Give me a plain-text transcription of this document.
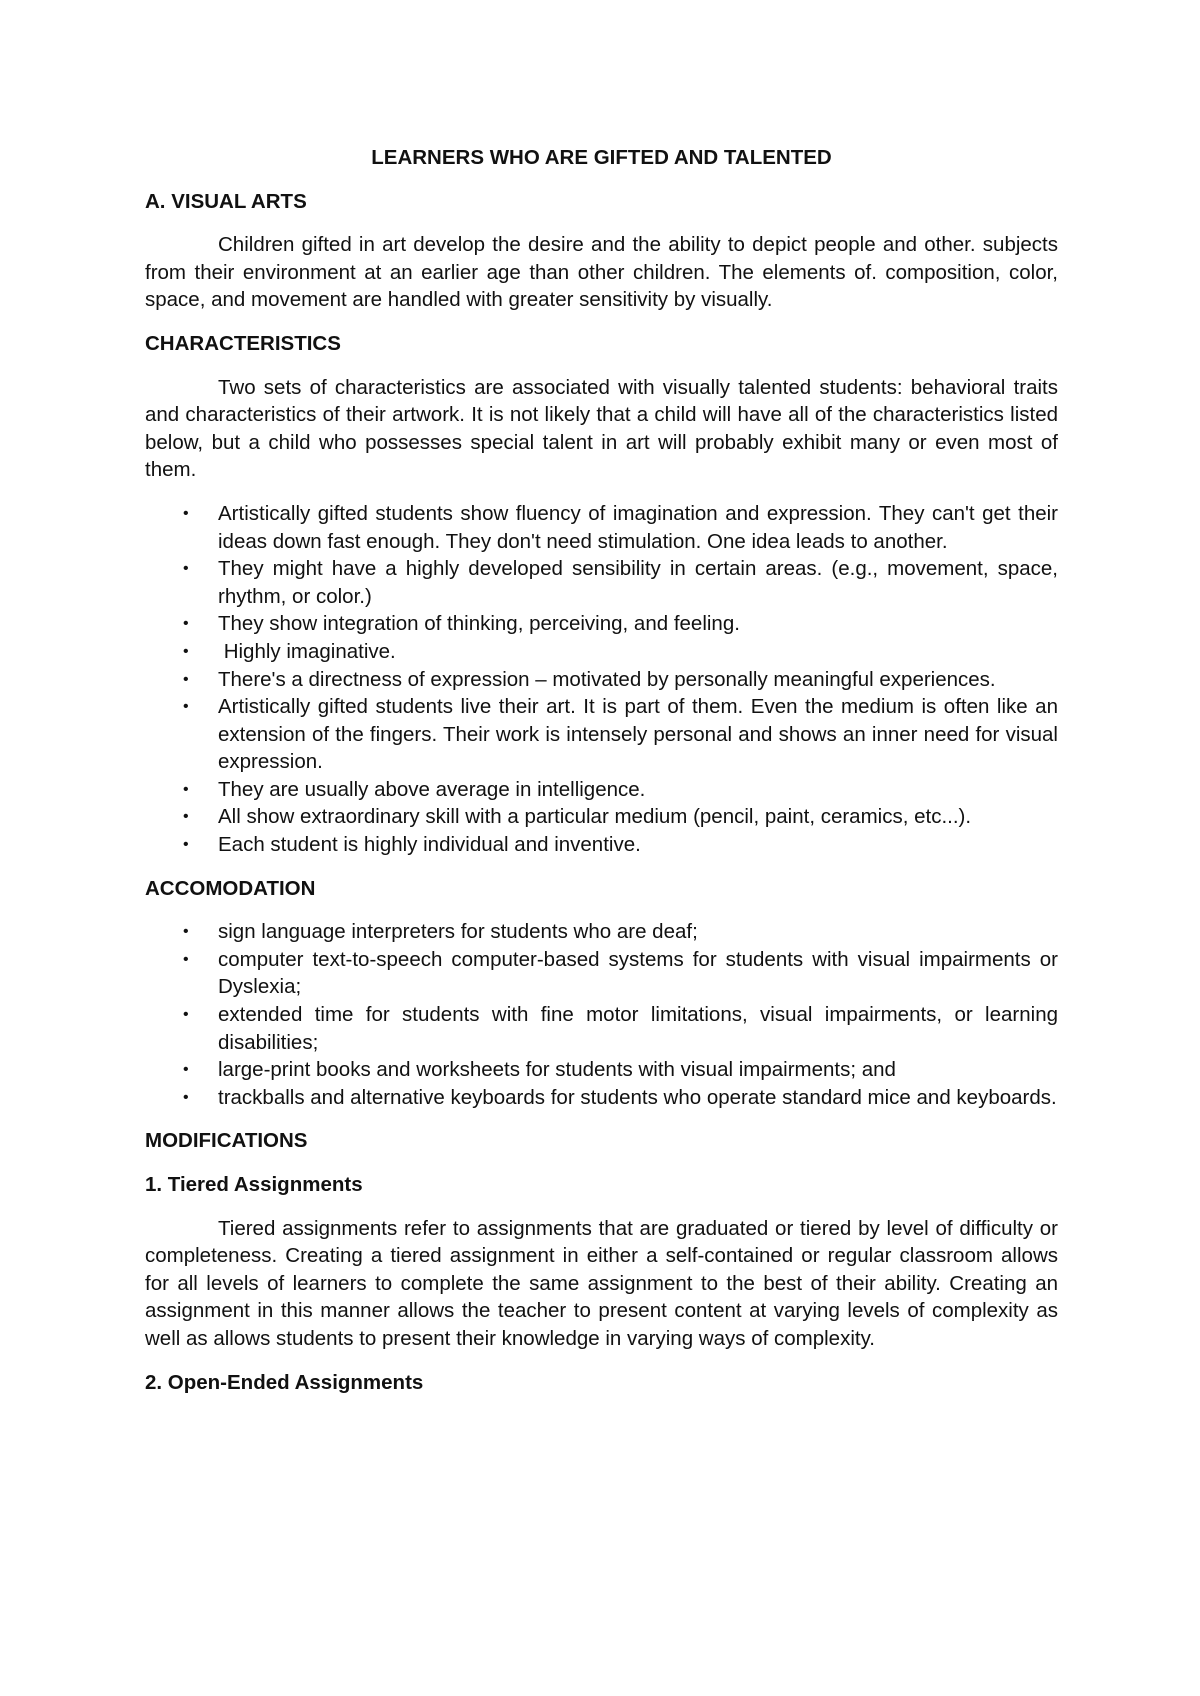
LEARNERS WHO ARE GIFTED AND TALENTED
A. VISUAL ARTS

Children gifted in art develop the desire and the ability to depict people and other. subjects from their environment at an earlier age than other children. The elements of. composition, color, space, and movement are handled with greater sensitivity by visually.

CHARACTERISTICS

Two sets of characteristics are associated with visually talented students: behavioral traits and characteristics of their artwork. It is not likely that a child will have all of the characteristics listed below, but a child who possesses special talent in art will probably exhibit many or even most of them.

• Artistically gifted students show fluency of imagination and expression. They can't get their ideas down fast enough. They don't need stimulation. One idea leads to another.
• They might have a highly developed sensibility in certain areas. (e.g., movement, space, rhythm, or color.)
• They show integration of thinking, perceiving, and feeling.
• Highly imaginative.
• There's a directness of expression – motivated by personally meaningful experiences.
• Artistically gifted students live their art. It is part of them. Even the medium is often like an extension of the fingers. Their work is intensely personal and shows an inner need for visual expression.
• They are usually above average in intelligence.
• All show extraordinary skill with a particular medium (pencil, paint, ceramics, etc...).
• Each student is highly individual and inventive.
ACCOMODATION
• sign language interpreters for students who are deaf;
• computer text-to-speech computer-based systems for students with visual impairments or Dyslexia;
• extended time for students with fine motor limitations, visual impairments, or learning disabilities;
• large-print books and worksheets for students with visual impairments; and
• trackballs and alternative keyboards for students who operate standard mice and keyboards.
MODIFICATIONS
1. Tiered Assignments

Tiered assignments refer to assignments that are graduated or tiered by level of difficulty or completeness. Creating a tiered assignment in either a self-contained or regular classroom allows for all levels of learners to complete the same assignment to the best of their ability. Creating an assignment in this manner allows the teacher to present content at varying levels of complexity as well as allows students to present their knowledge in varying ways of complexity.

2. Open-Ended Assignments
